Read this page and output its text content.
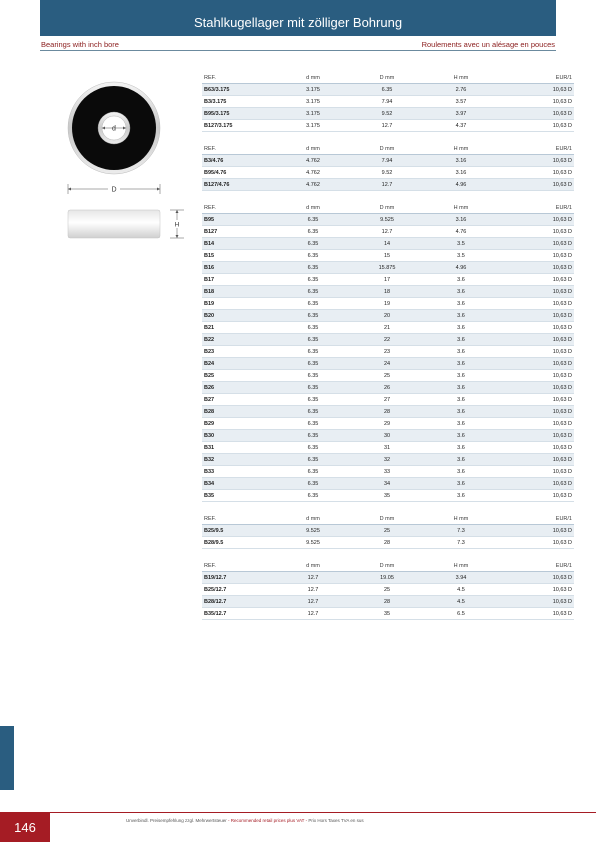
Stahlkugellager mit zölliger Bohrung
Bearings with inch bore	Roulements avec un alésage en pouces
d
D
H
REF.	d mm	D mm	H mm	EUR/1
B63/3.175	3.175	6.35	2.76	10,63 D
B3/3.175	3.175	7.94	3.57	10,63 D
B95/3.175	3.175	9.52	3.97	10,63 D
B127/3.175	3.175	12.7	4.37	10,63 D
REF.	d mm	D mm	H mm	EUR/1
B3/4.76	4.762	7.94	3.16	10,63 D
B95/4.76	4.762	9.52	3.16	10,63 D
B127/4.76	4.762	12.7	4.96	10,63 D
REF.	d mm	D mm	H mm	EUR/1
B95	6.35	9.525	3.16	10,63 D
B127	6.35	12.7	4.76	10,63 D
B14	6.35	14	3.5	10,63 D
B15	6.35	15	3.5	10,63 D
B16	6.35	15.875	4.96	10,63 D
B17	6.35	17	3.6	10,63 D
B18	6.35	18	3.6	10,63 D
B19	6.35	19	3.6	10,63 D
B20	6.35	20	3.6	10,63 D
B21	6.35	21	3.6	10,63 D
B22	6.35	22	3.6	10,63 D
B23	6.35	23	3.6	10,63 D
B24	6.35	24	3.6	10,63 D
B25	6.35	25	3.6	10,63 D
B26	6.35	26	3.6	10,63 D
B27	6.35	27	3.6	10,63 D
B28	6.35	28	3.6	10,63 D
B29	6.35	29	3.6	10,63 D
B30	6.35	30	3.6	10,63 D
B31	6.35	31	3.6	10,63 D
B32	6.35	32	3.6	10,63 D
B33	6.35	33	3.6	10,63 D
B34	6.35	34	3.6	10,63 D
B35	6.35	35	3.6	10,63 D
REF.	d mm	D mm	H mm	EUR/1
B25/9.5	9.525	25	7.3	10,63 D
B28/9.5	9.525	28	7.3	10,63 D
REF.	d mm	D mm	H mm	EUR/1
B19/12.7	12.7	19.05	3.94	10,63 D
B25/12.7	12.7	25	4.5	10,63 D
B28/12.7	12.7	28	4.5	10,63 D
B35/12.7	12.7	35	6.5	10,63 D
146	Unverbindl. Preisempfehlung zzgl. Mehrwertsteuer - Recommended retail prices plus VAT - Prix Hors Taxes TVA en sus
